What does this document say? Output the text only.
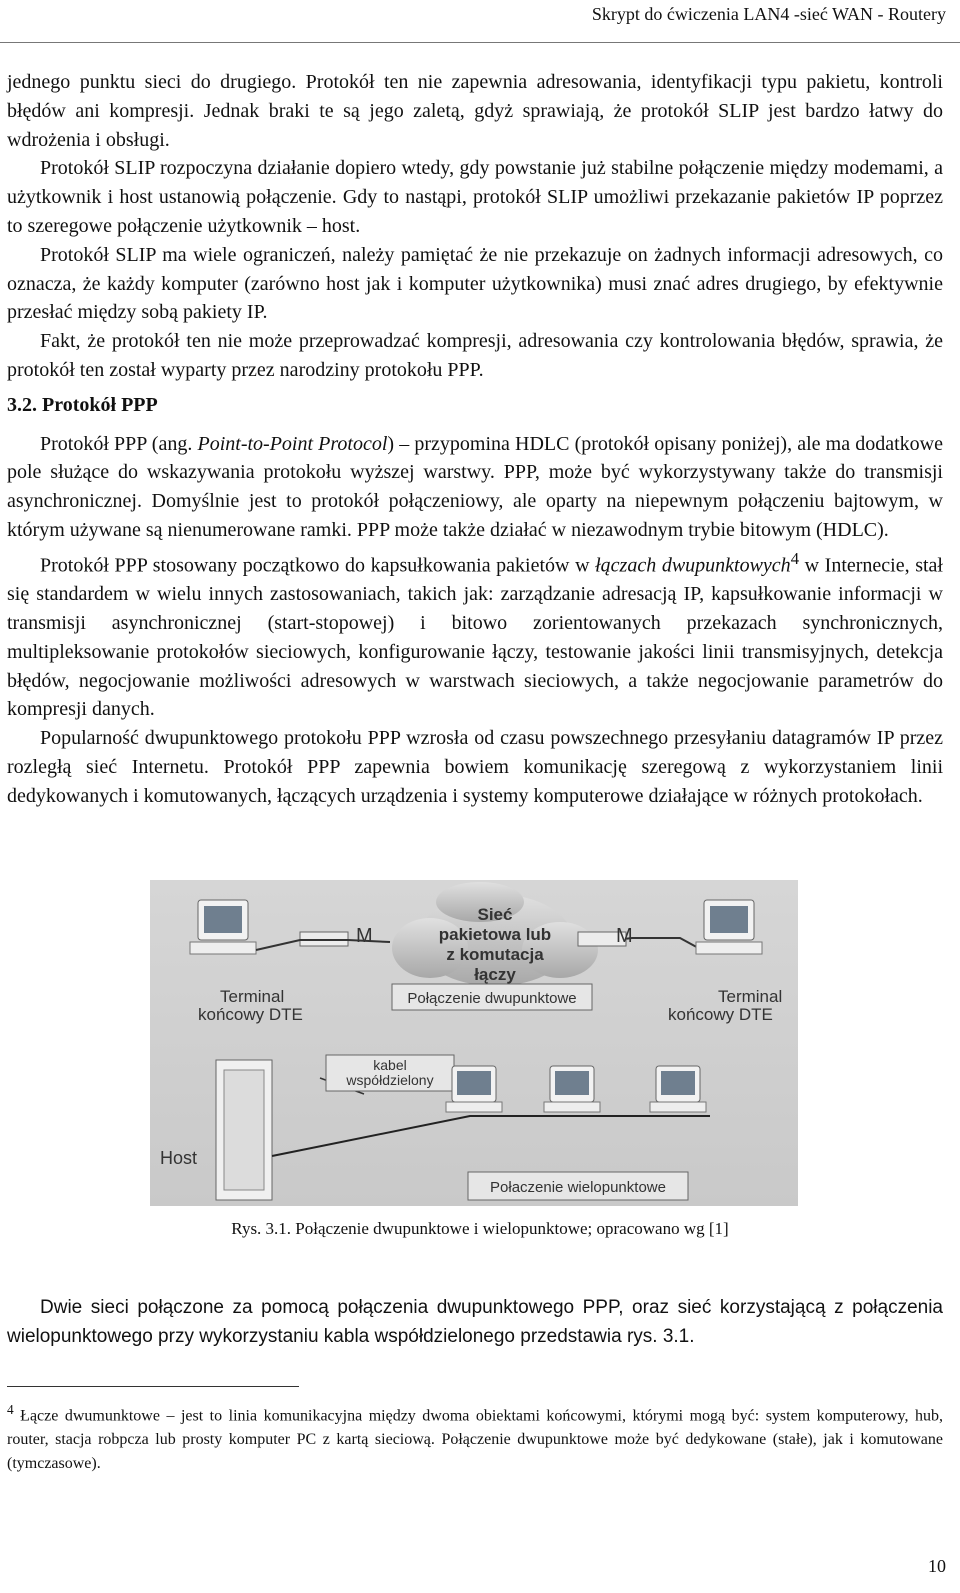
Skrypt do ćwiczenia LAN4 -sieć WAN - Routery

jednego punktu sieci do drugiego. Protokół ten nie zapewnia adresowania, identyfikacji typu pakietu, kontroli błędów ani kompresji. Jednak braki te są jego zaletą, gdyż sprawiają, że protokół SLIP jest bardzo łatwy do wdrożenia i obsługi.

Protokół SLIP rozpoczyna działanie dopiero wtedy, gdy powstanie już stabilne połączenie między modemami, a użytkownik i host ustanowią połączenie. Gdy to nastąpi, protokół SLIP umożliwi przekazanie pakietów IP poprzez to szeregowe połączenie użytkownik – host.

Protokół SLIP ma wiele ograniczeń, należy pamiętać że nie przekazuje on żadnych informacji adresowych, co oznacza, że każdy komputer (zarówno host jak i komputer użytkownika) musi znać adres drugiego, by efektywnie przesłać między sobą pakiety IP.

Fakt, że protokół ten nie może przeprowadzać kompresji, adresowania czy kontrolowania błędów, sprawia, że protokół ten został wyparty przez narodziny protokołu PPP.

3.2. Protokół PPP

Protokół PPP (ang. Point-to-Point Protocol) – przypomina HDLC (protokół opisany poniżej), ale ma dodatkowe pole służące do wskazywania protokołu wyższej warstwy. PPP, może być wykorzystywany także do transmisji asynchronicznej. Domyślnie jest to protokół połączeniowy, ale oparty na niepewnym połączeniu bajtowym, w którym używane są nienumerowane ramki. PPP może także działać w niezawodnym trybie bitowym (HDLC).

Protokół PPP stosowany początkowo do kapsułkowania pakietów w łączach dwupunktowych$^4$ w Internecie, stał się standardem w wielu innych zastosowaniach, takich jak: zarządzanie adresacją IP, kapsułkowanie informacji w transmisji asynchronicznej (start-stopowej) i bitowo zorientowanych przekazach synchronicznych, multipleksowanie protokołów sieciowych, konfigurowanie łączy, testowanie jakości linii transmisyjnych, detekcja błędów, negocjowanie możliwości adresowych w warstwach sieciowych, a także negocjowanie parametrów do kompresji danych.

Popularność dwupunktowego protokołu PPP wzrosła od czasu powszechnego przesyłaniu datagramów IP przez rozległą sieć Internetu. Protokół PPP zapewnia bowiem komunikację szeregową z wykorzystaniem linii dedykowanych i komutowanych, łączących urządzenia i systemy komputerowe działające w różnych protokołach.

M
Terminal
końcowy DTE
Sieć
pakietowa lub
z komutacja
łączy
M
Terminal
końcowy DTE
Połączenie dwupunktowe
Host
kabel
współdzielony
Połaczenie wielopunktowe
Rys. 3.1. Połączenie dwupunktowe i wielopunktowe; opracowano wg [1]

Dwie sieci połączone za pomocą połączenia dwupunktowego PPP, oraz sieć korzystającą z połączenia wielopunktowego przy wykorzystaniu kabla współdzielonego przedstawia rys. 3.1.

$^4$ Łącze dwumunktowe – jest to linia komunikacyjna między dwoma obiektami końcowymi, którymi mogą być: system komputerowy, hub, router, stacja robpcza lub prosty komputer PC z kartą sieciową. Połączenie dwupunktowe może być dedykowane (stałe), jak i komutowane (tymczasowe).
10
